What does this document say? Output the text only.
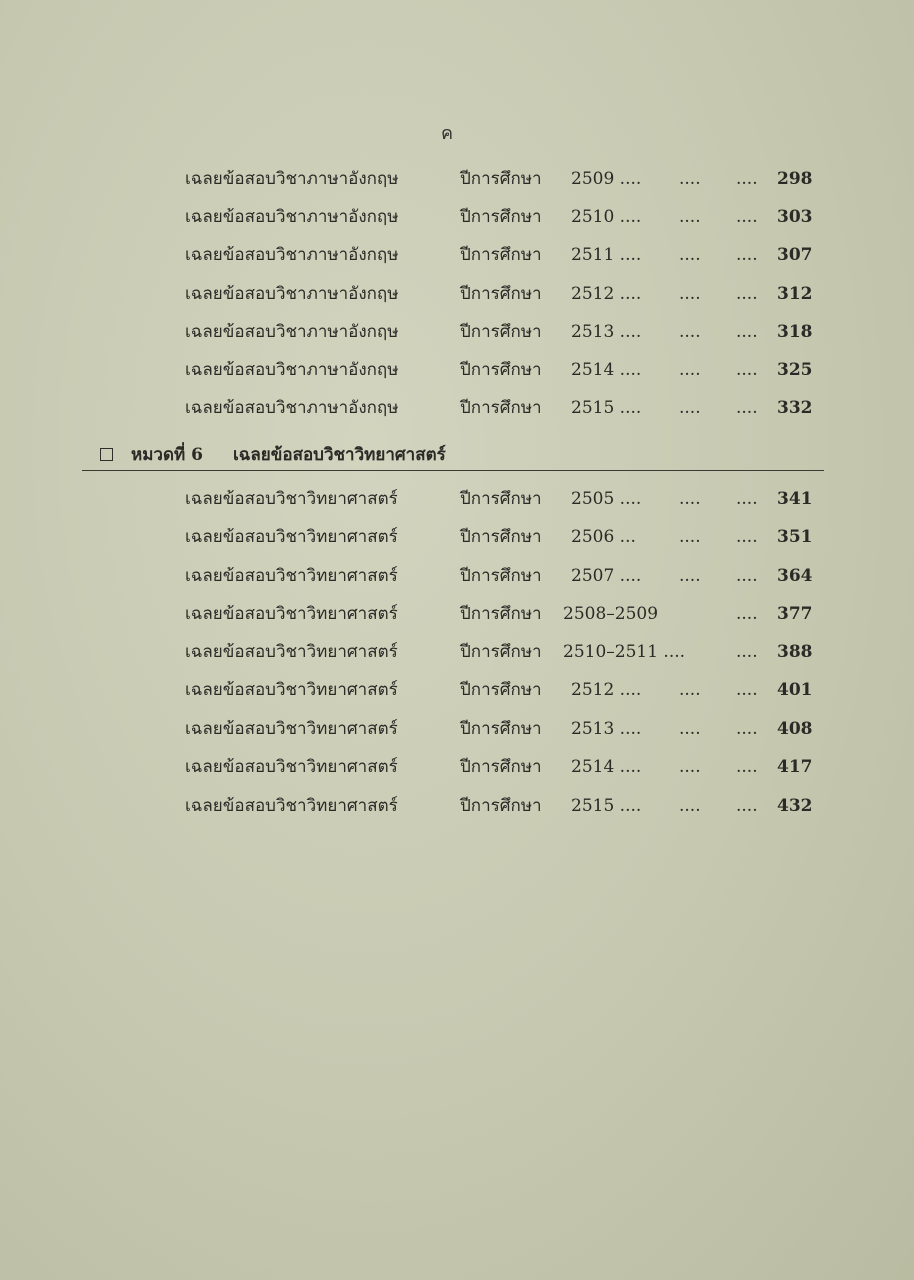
ค
เฉลยข้อสอบวิชาภาษาอังกฤษ	ปีการศึกษา 2509 .... .... .... 298
เฉลยข้อสอบวิชาภาษาอังกฤษ	ปีการศึกษา 2510 .... .... .... 303
เฉลยข้อสอบวิชาภาษาอังกฤษ	ปีการศึกษา 2511 .... .... .... 307
เฉลยข้อสอบวิชาภาษาอังกฤษ	ปีการศึกษา 2512 .... .... .... 312
เฉลยข้อสอบวิชาภาษาอังกฤษ	ปีการศึกษา 2513 .... .... .... 318
เฉลยข้อสอบวิชาภาษาอังกฤษ	ปีการศึกษา 2514 .... .... .... 325
เฉลยข้อสอบวิชาภาษาอังกฤษ	ปีการศึกษา 2515 .... .... .... 332
หมวดที่ 6 เฉลยข้อสอบวิชาวิทยาศาสตร์
เฉลยข้อสอบวิชาวิทยาศาสตร์	ปีการศึกษา 2505 .... .... .... 341
เฉลยข้อสอบวิชาวิทยาศาสตร์	ปีการศึกษา 2506 ...	.... .... 351
เฉลยข้อสอบวิชาวิทยาศาสตร์	ปีการศึกษา 2507 .... .... .... 364
เฉลยข้อสอบวิชาวิทยาศาสตร์	ปีการศึกษา 2508–2509	.... 377
เฉลยข้อสอบวิชาวิทยาศาสตร์	ปีการศึกษา 2510–2511 ....	.... 388
เฉลยข้อสอบวิชาวิทยาศาสตร์	ปีการศึกษา 2512 .... .... .... 401
เฉลยข้อสอบวิชาวิทยาศาสตร์	ปีการศึกษา 2513 .... .... .... 408
เฉลยข้อสอบวิชาวิทยาศาสตร์	ปีการศึกษา 2514 .... .... .... 417
เฉลยข้อสอบวิชาวิทยาศาสตร์	ปีการศึกษา 2515 .... .... .... 432
